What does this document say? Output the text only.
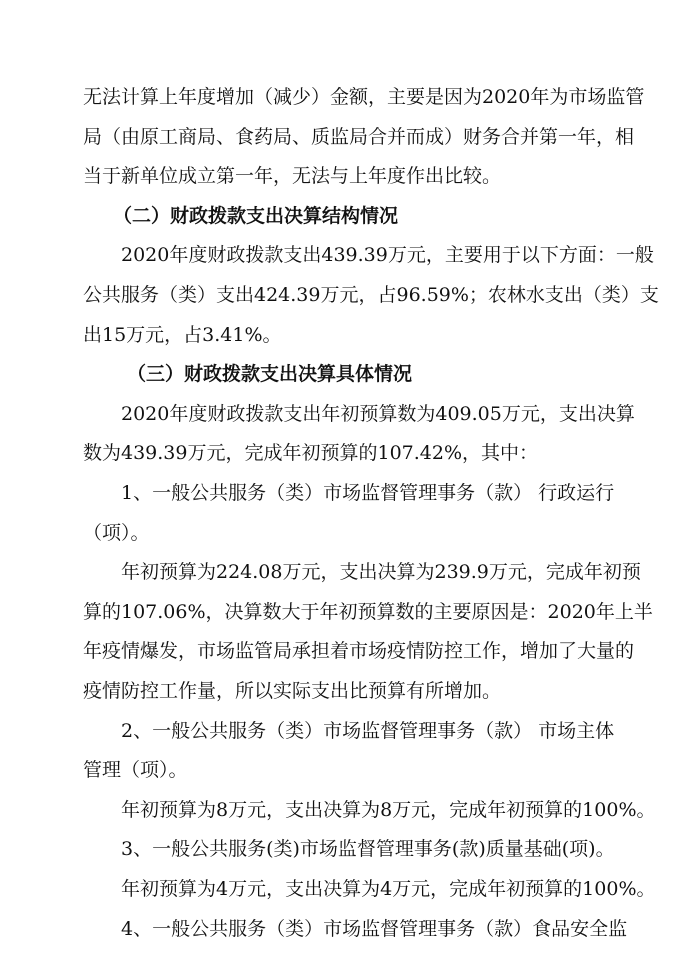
无法计算上年度增加（减少）金额，主要是因为2020年为市场监管
局（由原工商局、食药局、质监局合并而成）财务合并第一年，相
当于新单位成立第一年，无法与上年度作出比较。
（二）财政拨款支出决算结构情况
2020年度财政拨款支出439.39万元，主要用于以下方面：一般
公共服务（类）支出424.39万元，占96.59%；农林水支出（类）支
出15万元，占3.41%。
（三）财政拨款支出决算具体情况
2020年度财政拨款支出年初预算数为409.05万元，支出决算
数为439.39万元，完成年初预算的107.42%，其中：
1、一般公共服务（类）市场监督管理事务（款） 行政运行
（项）。
年初预算为224.08万元，支出决算为239.9万元，完成年初预
算的107.06%，决算数大于年初预算数的主要原因是：2020年上半
年疫情爆发，市场监管局承担着市场疫情防控工作，增加了大量的
疫情防控工作量，所以实际支出比预算有所增加。
2、一般公共服务（类）市场监督管理事务（款） 市场主体
管理（项）。
年初预算为8万元，支出决算为8万元，完成年初预算的100%。
3、一般公共服务(类)市场监督管理事务(款)质量基础(项)。
年初预算为4万元，支出决算为4万元，完成年初预算的100%。
4、一般公共服务（类）市场监督管理事务（款）食品安全监
